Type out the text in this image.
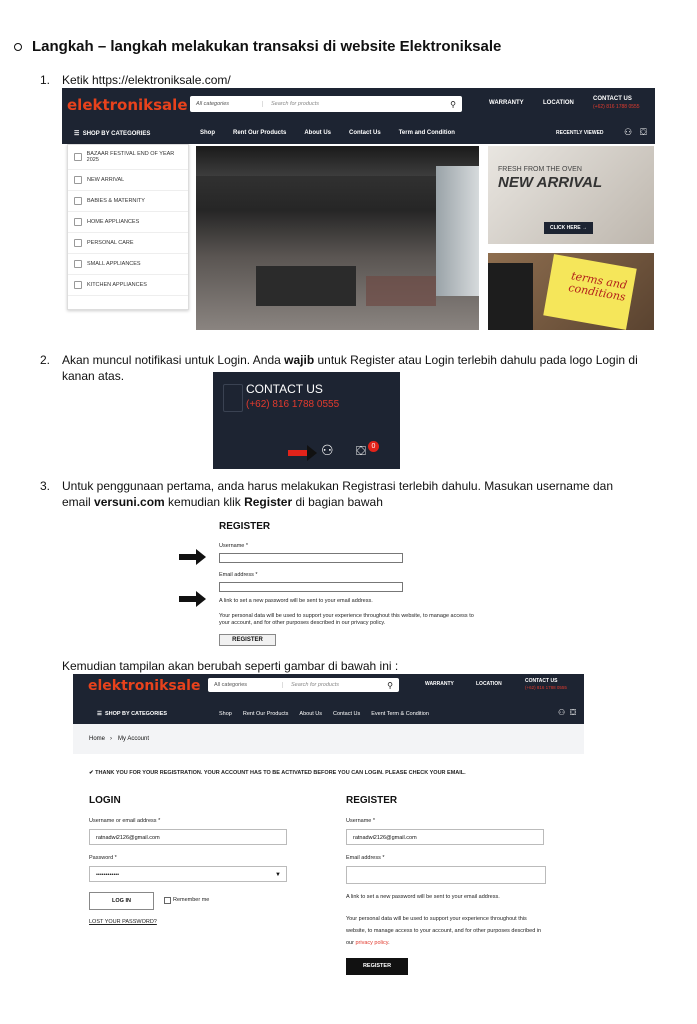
Langkah – langkah melakukan transaksi di website Elektroniksale
1. Ketik https://elektroniksale.com/
elektroniksale	All categories	Search for products	⚲	WARRANTY	LOCATION
CONTACT US
(+62) 816 1788 0555
☰ SHOP BY CATEGORIES	Shop	Rent Our Products	About Us	Contact Us	Term and Condition	RECENTLY VIEWED ⚇ ⛋
BAZAAR FESTIVAL END OF YEAR 2025
NEW ARRIVAL
BABIES & MATERNITY
HOME APPLIANCES
PERSONAL CARE
SMALL APPLIANCES
KITCHEN APPLIANCES
FRESH FROM THE OVEN
NEW ARRIVAL
CLICK HERE →
terms and conditions
2. Akan muncul notifikasi untuk Login. Anda wajib untuk Register atau Login terlebih dahulu pada logo Login di
kanan atas.
CONTACT US
(+62) 816 1788 0555
⚇ ⛋ 0
3. Untuk penggunaan pertama, anda harus melakukan Registrasi terlebih dahulu. Masukan username dan
email versuni.com kemudian klik Register di bagian bawah
REGISTER
Username *
Email address *
A link to set a new password will be sent to your email address.
Your personal data will be used to support your experience throughout this website, to manage access to your account, and for other purposes described in our privacy policy.
REGISTER
Kemudian tampilan akan berubah seperti gambar di bawah ini :
elektroniksale	All categories	Search for products	⚲	WARRANTY	LOCATION	CONTACT US
(+62) 816 1788 0555
☰ SHOP BY CATEGORIES	Shop Rent Our Products About Us Contact Us Event Term & Condition	⚇ ⛋
Home › My Account
✔ THANK YOU FOR YOUR REGISTRATION. YOUR ACCOUNT HAS TO BE ACTIVATED BEFORE YOU CAN LOGIN. PLEASE CHECK YOUR EMAIL.
LOGIN
Username or email address *
ratnadwi2126@gmail.com
Password *
••••••••••••	▼
LOG IN	Remember me
LOST YOUR PASSWORD?
REGISTER
Username *
ratnadwi2126@gmail.com
Email address *
A link to set a new password will be sent to your email address.
Your personal data will be used to support your experience throughout this
website, to manage access to your account, and for other purposes described in
our privacy policy.
REGISTER
